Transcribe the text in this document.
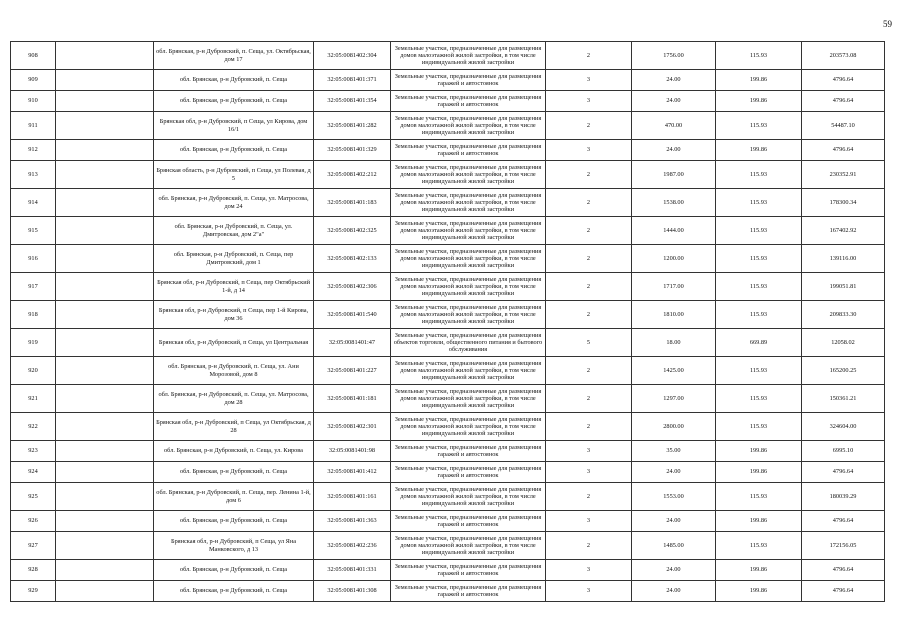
59
908		обл. Брянская, р-н Дубровский, п. Сеща, ул. Октябрьская, дом 17	32:05:0081402:304	Земельные участки, предназначенные для размещения домов малоэтажной жилой застройки, в том числе индивидуальной жилой застройки	2	1756.00	115.93	203573.08
909		обл. Брянская, р-н Дубровский, п. Сеща	32:05:0081401:371	Земельные участки, предназначенные для размещения гаражей и автостоянок	3	24.00	199.86	4796.64
910		обл. Брянская, р-н Дубровский, п. Сеща	32:05:0081401:354	Земельные участки, предназначенные для размещения гаражей и автостоянок	3	24.00	199.86	4796.64
911		Брянская обл, р-н Дубровский, п Сеща, ул Кирова, дом 16/1	32:05:0081401:282	Земельные участки, предназначенные для размещения домов малоэтажной жилой застройки, в том числе индивидуальной жилой застройки	2	470.00	115.93	54487.10
912		обл. Брянская, р-н Дубровский, п. Сеща	32:05:0081401:329	Земельные участки, предназначенные для размещения гаражей и автостоянок	3	24.00	199.86	4796.64
913		Брянская область, р-н Дубровский, п Сеща, ул Полевая, д 5	32:05:0081402:212	Земельные участки, предназначенные для размещения домов малоэтажной жилой застройки, в том числе индивидуальной жилой застройки	2	1987.00	115.93	230352.91
914		обл. Брянская, р-н Дубровский, п. Сеща, ул. Матросова, дом 24	32:05:0081401:183	Земельные участки, предназначенные для размещения домов малоэтажной жилой застройки, в том числе индивидуальной жилой застройки	2	1538.00	115.93	178300.34
915		обл. Брянская, р-н Дубровский, п. Сеща, ул. Дмитровская, дом 2"а"	32:05:0081402:325	Земельные участки, предназначенные для размещения домов малоэтажной жилой застройки, в том числе индивидуальной жилой застройки	2	1444.00	115.93	167402.92
916		обл. Брянская, р-н Дубровский, п. Сеща, пер Дмитровский, дом 1	32:05:0081402:133	Земельные участки, предназначенные для размещения домов малоэтажной жилой застройки, в том числе индивидуальной жилой застройки	2	1200.00	115.93	139116.00
917		Брянская обл, р-н Дубровский, п Сеща, пер Октябрьский 1-й, д 14	32:05:0081402:306	Земельные участки, предназначенные для размещения домов малоэтажной жилой застройки, в том числе индивидуальной жилой застройки	2	1717.00	115.93	199051.81
918		Брянская обл, р-н Дубровский, п Сеща, пер 1-й Кирова, дом 36	32:05:0081401:540	Земельные участки, предназначенные для размещения домов малоэтажной жилой застройки, в том числе индивидуальной жилой застройки	2	1810.00	115.93	209833.30
919		Брянская обл, р-н Дубровский, п Сеща, ул Центральная	32:05:0081401:47	Земельные участки, предназначенные для размещения объектов торговли, общественного питания и бытового обслуживания	5	18.00	669.89	12058.02
920		обл. Брянская, р-н Дубровский, п. Сеща, ул. Ани Морозовой, дом 8	32:05:0081401:227	Земельные участки, предназначенные для размещения домов малоэтажной жилой застройки, в том числе индивидуальной жилой застройки	2	1425.00	115.93	165200.25
921		обл. Брянская, р-н Дубровский, п. Сеща, ул. Матросова, дом 28	32:05:0081401:181	Земельные участки, предназначенные для размещения домов малоэтажной жилой застройки, в том числе индивидуальной жилой застройки	2	1297.00	115.93	150361.21
922		Брянская обл, р-н Дубровский, п Сеща, ул Октябрьская, д 28	32:05:0081402:301	Земельные участки, предназначенные для размещения домов малоэтажной жилой застройки, в том числе индивидуальной жилой застройки	2	2800.00	115.93	324604.00
923		обл. Брянская, р-н Дубровский, п. Сеща, ул. Кирова	32:05:0081401:98	Земельные участки, предназначенные для размещения гаражей и автостоянок	3	35.00	199.86	6995.10
924		обл. Брянская, р-н Дубровский, п. Сеща	32:05:0081401:412	Земельные участки, предназначенные для размещения гаражей и автостоянок	3	24.00	199.86	4796.64
925		обл. Брянская, р-н Дубровский, п. Сеща, пер. Ленина 1-й, дом 6	32:05:0081401:161	Земельные участки, предназначенные для размещения домов малоэтажной жилой застройки, в том числе индивидуальной жилой застройки	2	1553.00	115.93	180039.29
926		обл. Брянская, р-н Дубровский, п. Сеща	32:05:0081401:363	Земельные участки, предназначенные для размещения гаражей и автостоянок	3	24.00	199.86	4796.64
927		Брянская обл, р-н Дубровский, п Сеща, ул Яна Манковского, д 13	32:05:0081402:236	Земельные участки, предназначенные для размещения домов малоэтажной жилой застройки, в том числе индивидуальной жилой застройки	2	1485.00	115.93	172156.05
928		обл. Брянская, р-н Дубровский, п. Сеща	32:05:0081401:331	Земельные участки, предназначенные для размещения гаражей и автостоянок	3	24.00	199.86	4796.64
929		обл. Брянская, р-н Дубровский, п. Сеща	32:05:0081401:308	Земельные участки, предназначенные для размещения гаражей и автостоянок	3	24.00	199.86	4796.64
